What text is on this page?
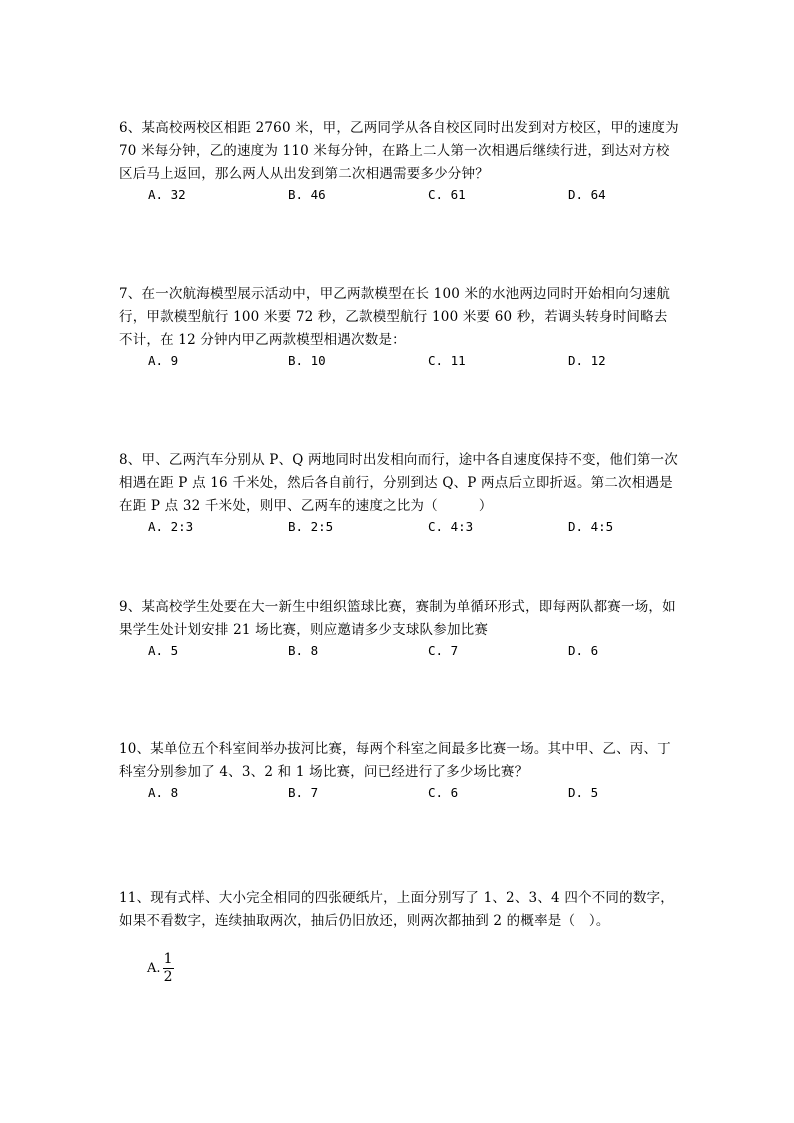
6、某高校两校区相距 2760 米，甲，乙两同学从各自校区同时出发到对方校区，甲的速度为 70 米每分钟，乙的速度为 110 米每分钟，在路上二人第一次相遇后继续行进，到达对方校区后马上返回，那么两人从出发到第二次相遇需要多少分钟？
A. 32	B. 46	C. 61	D. 64
7、在一次航海模型展示活动中，甲乙两款模型在长 100 米的水池两边同时开始相向匀速航行，甲款模型航行 100 米要 72 秒，乙款模型航行 100 米要 60 秒，若调头转身时间略去不计，在 12 分钟内甲乙两款模型相遇次数是：
A. 9	B. 10	C. 11	D. 12
8、甲、乙两汽车分别从 P、Q 两地同时出发相向而行，途中各自速度保持不变，他们第一次相遇在距 P 点 16 千米处，然后各自前行，分别到达 Q、P 两点后立即折返。第二次相遇是在距 P 点 32 千米处，则甲、乙两车的速度之比为（　　　）
A. 2:3	B. 2:5	C. 4:3	D. 4:5
9、某高校学生处要在大一新生中组织篮球比赛，赛制为单循环形式，即每两队都赛一场，如果学生处计划安排 21 场比赛，则应邀请多少支球队参加比赛
A. 5	B. 8	C. 7	D. 6
10、某单位五个科室间举办拔河比赛，每两个科室之间最多比赛一场。其中甲、乙、丙、丁科室分别参加了 4、3、2 和 1 场比赛，问已经进行了多少场比赛？
A. 8	B. 7	C. 6	D. 5
11、现有式样、大小完全相同的四张硬纸片，上面分别写了 1、2、3、4 四个不同的数字，如果不看数字，连续抽取两次，抽后仍旧放还，则两次都抽到 2 的概率是（　）。
A. $\frac{1}{2}$
